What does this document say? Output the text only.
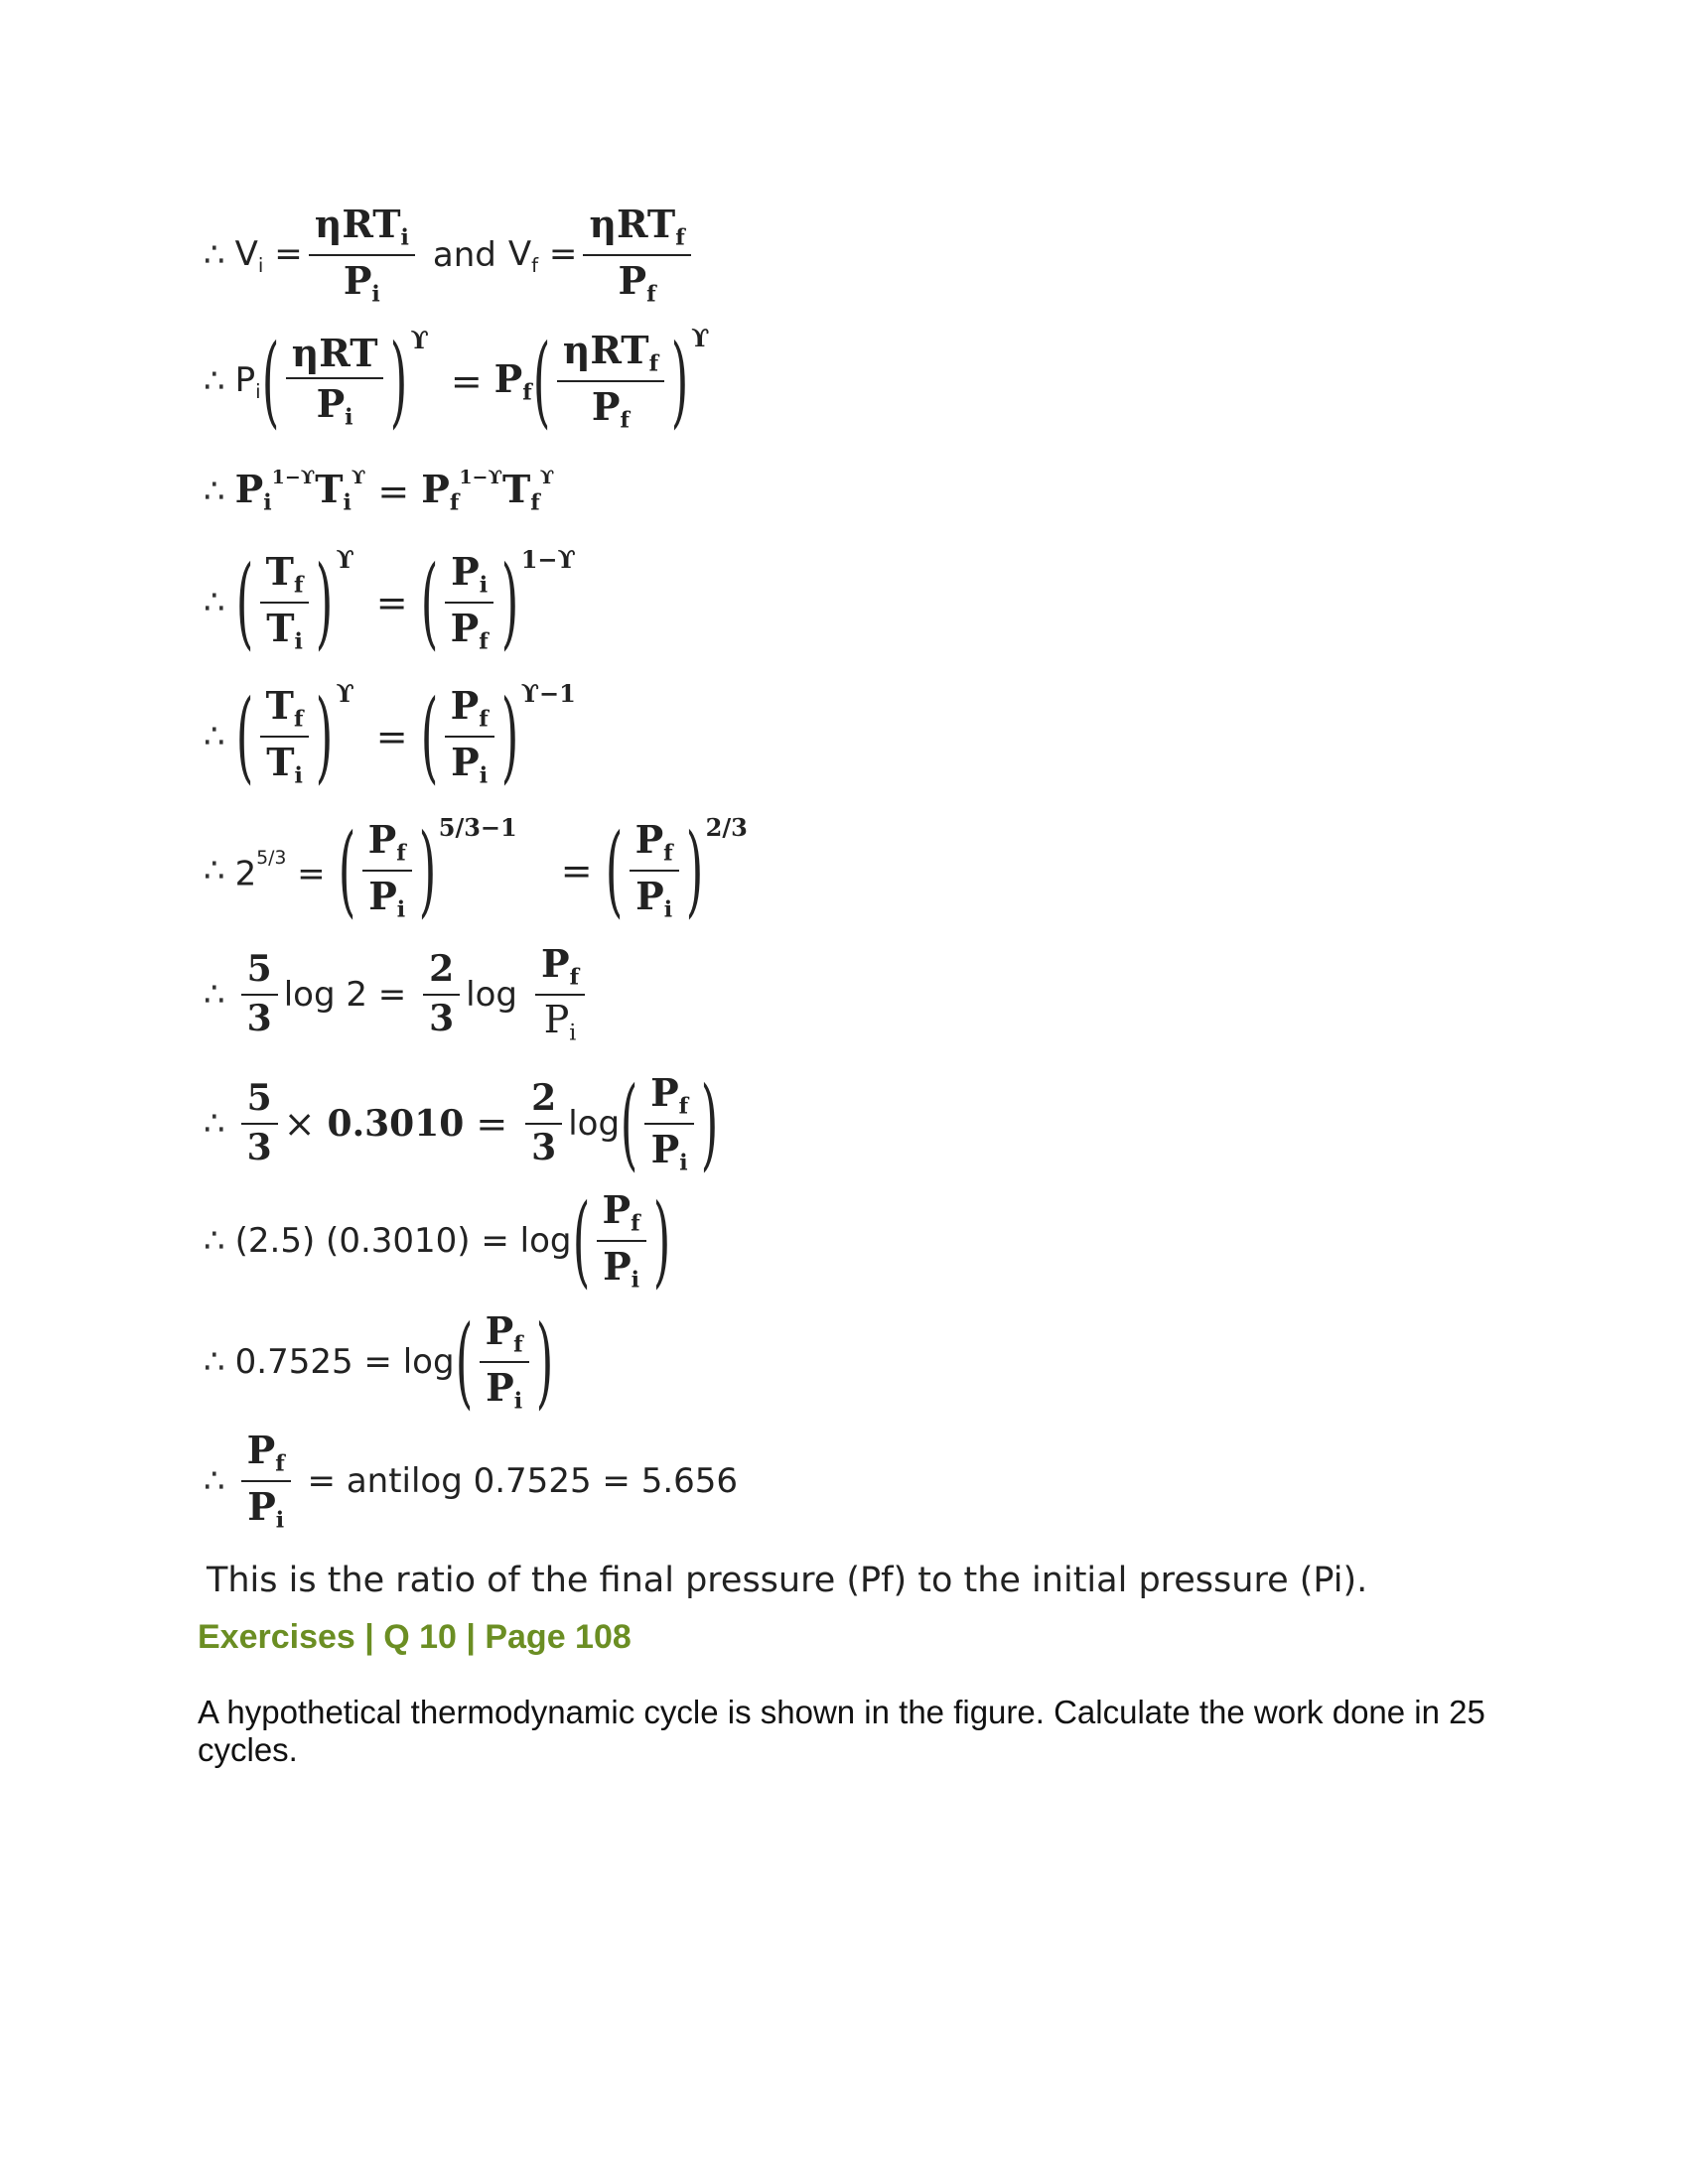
∴ $V_i = \frac{\eta RT_i}{P_i}$ and $V_f = \frac{\eta RT_f}{P_f}$
∴ $P_i$ ( $\frac{\text{ηRT}}{P_i}$ ) ϒ
= $P_f$ ( $\frac{\eta RT_f}{P_f}$ ) ϒ
∴ $P_i^{1-ϒ}T_i^ϒ = P_f^{1-ϒ}T_f^ϒ$
∴ ( $\frac{T_f}{T_i}$ ) ϒ
= ( $\frac{P_i}{P_f}$ ) 1−ϒ
∴ ( $\frac{T_f}{T_i}$ ) ϒ
= ( $\frac{P_f}{P_i}$ ) ϒ−1
∴ $2^{5/3}$ = ( $\frac{P_f}{P_i}$ ) 5/3−1
= ( $\frac{P_f}{P_i}$ ) 2/3
∴ $\frac{5}{3}$ $\log 2 = \frac{2}{3}$ $\log \frac{P_f}{P_i}$
∴ $\frac{5}{3} \times 0.3010 = \frac{2}{3}$ log ( $\frac{P_f}{P_i}$ )
∴ (2.5) (0.3010) = log ( $\frac{P_f}{P_i}$ )
∴ 0.7525 = log ( $\frac{P_f}{P_i}$ )
∴ $\frac{P_f}{P_i}$ = antilog 0.7525 = 5.656
This is the ratio of the final pressure (Pf) to the initial pressure (Pi).
Exercises | Q 10 | Page 108
A hypothetical thermodynamic cycle is shown in the figure. Calculate the work done in 25 cycles.
